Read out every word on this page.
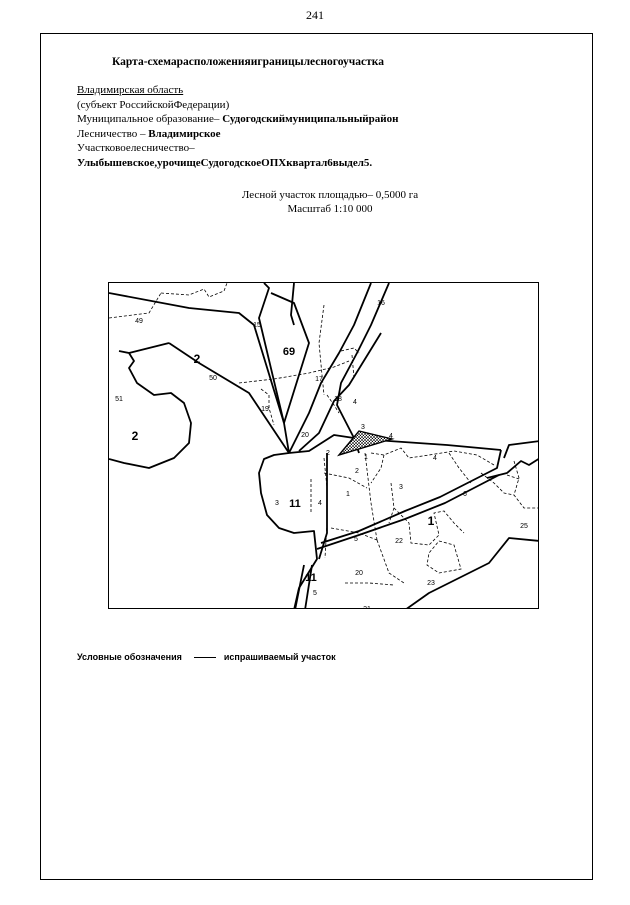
241
Карта-схемарасположенияиграницылесногоучастка
Владимирская область
(субъект РоссийскойФедерации)
Муниципальное образование– Судогодскиймуниципальныйрайон
Лесничество – Владимирское
Участковоелесничество–
Улыбышевское,урочищеСудогодскоеОПХквартал6выдел5.
Лесной участок площадью– 0,5000 га
Масштаб 1:10 000
49
15
16
69
2
50	17
51	18 4
19
2	20
3
4
2
1	4
2
3
6
1
3 11 4
1	25
5	22
11	20
23
5
21
Условные обозначения	испрашиваемый участок
